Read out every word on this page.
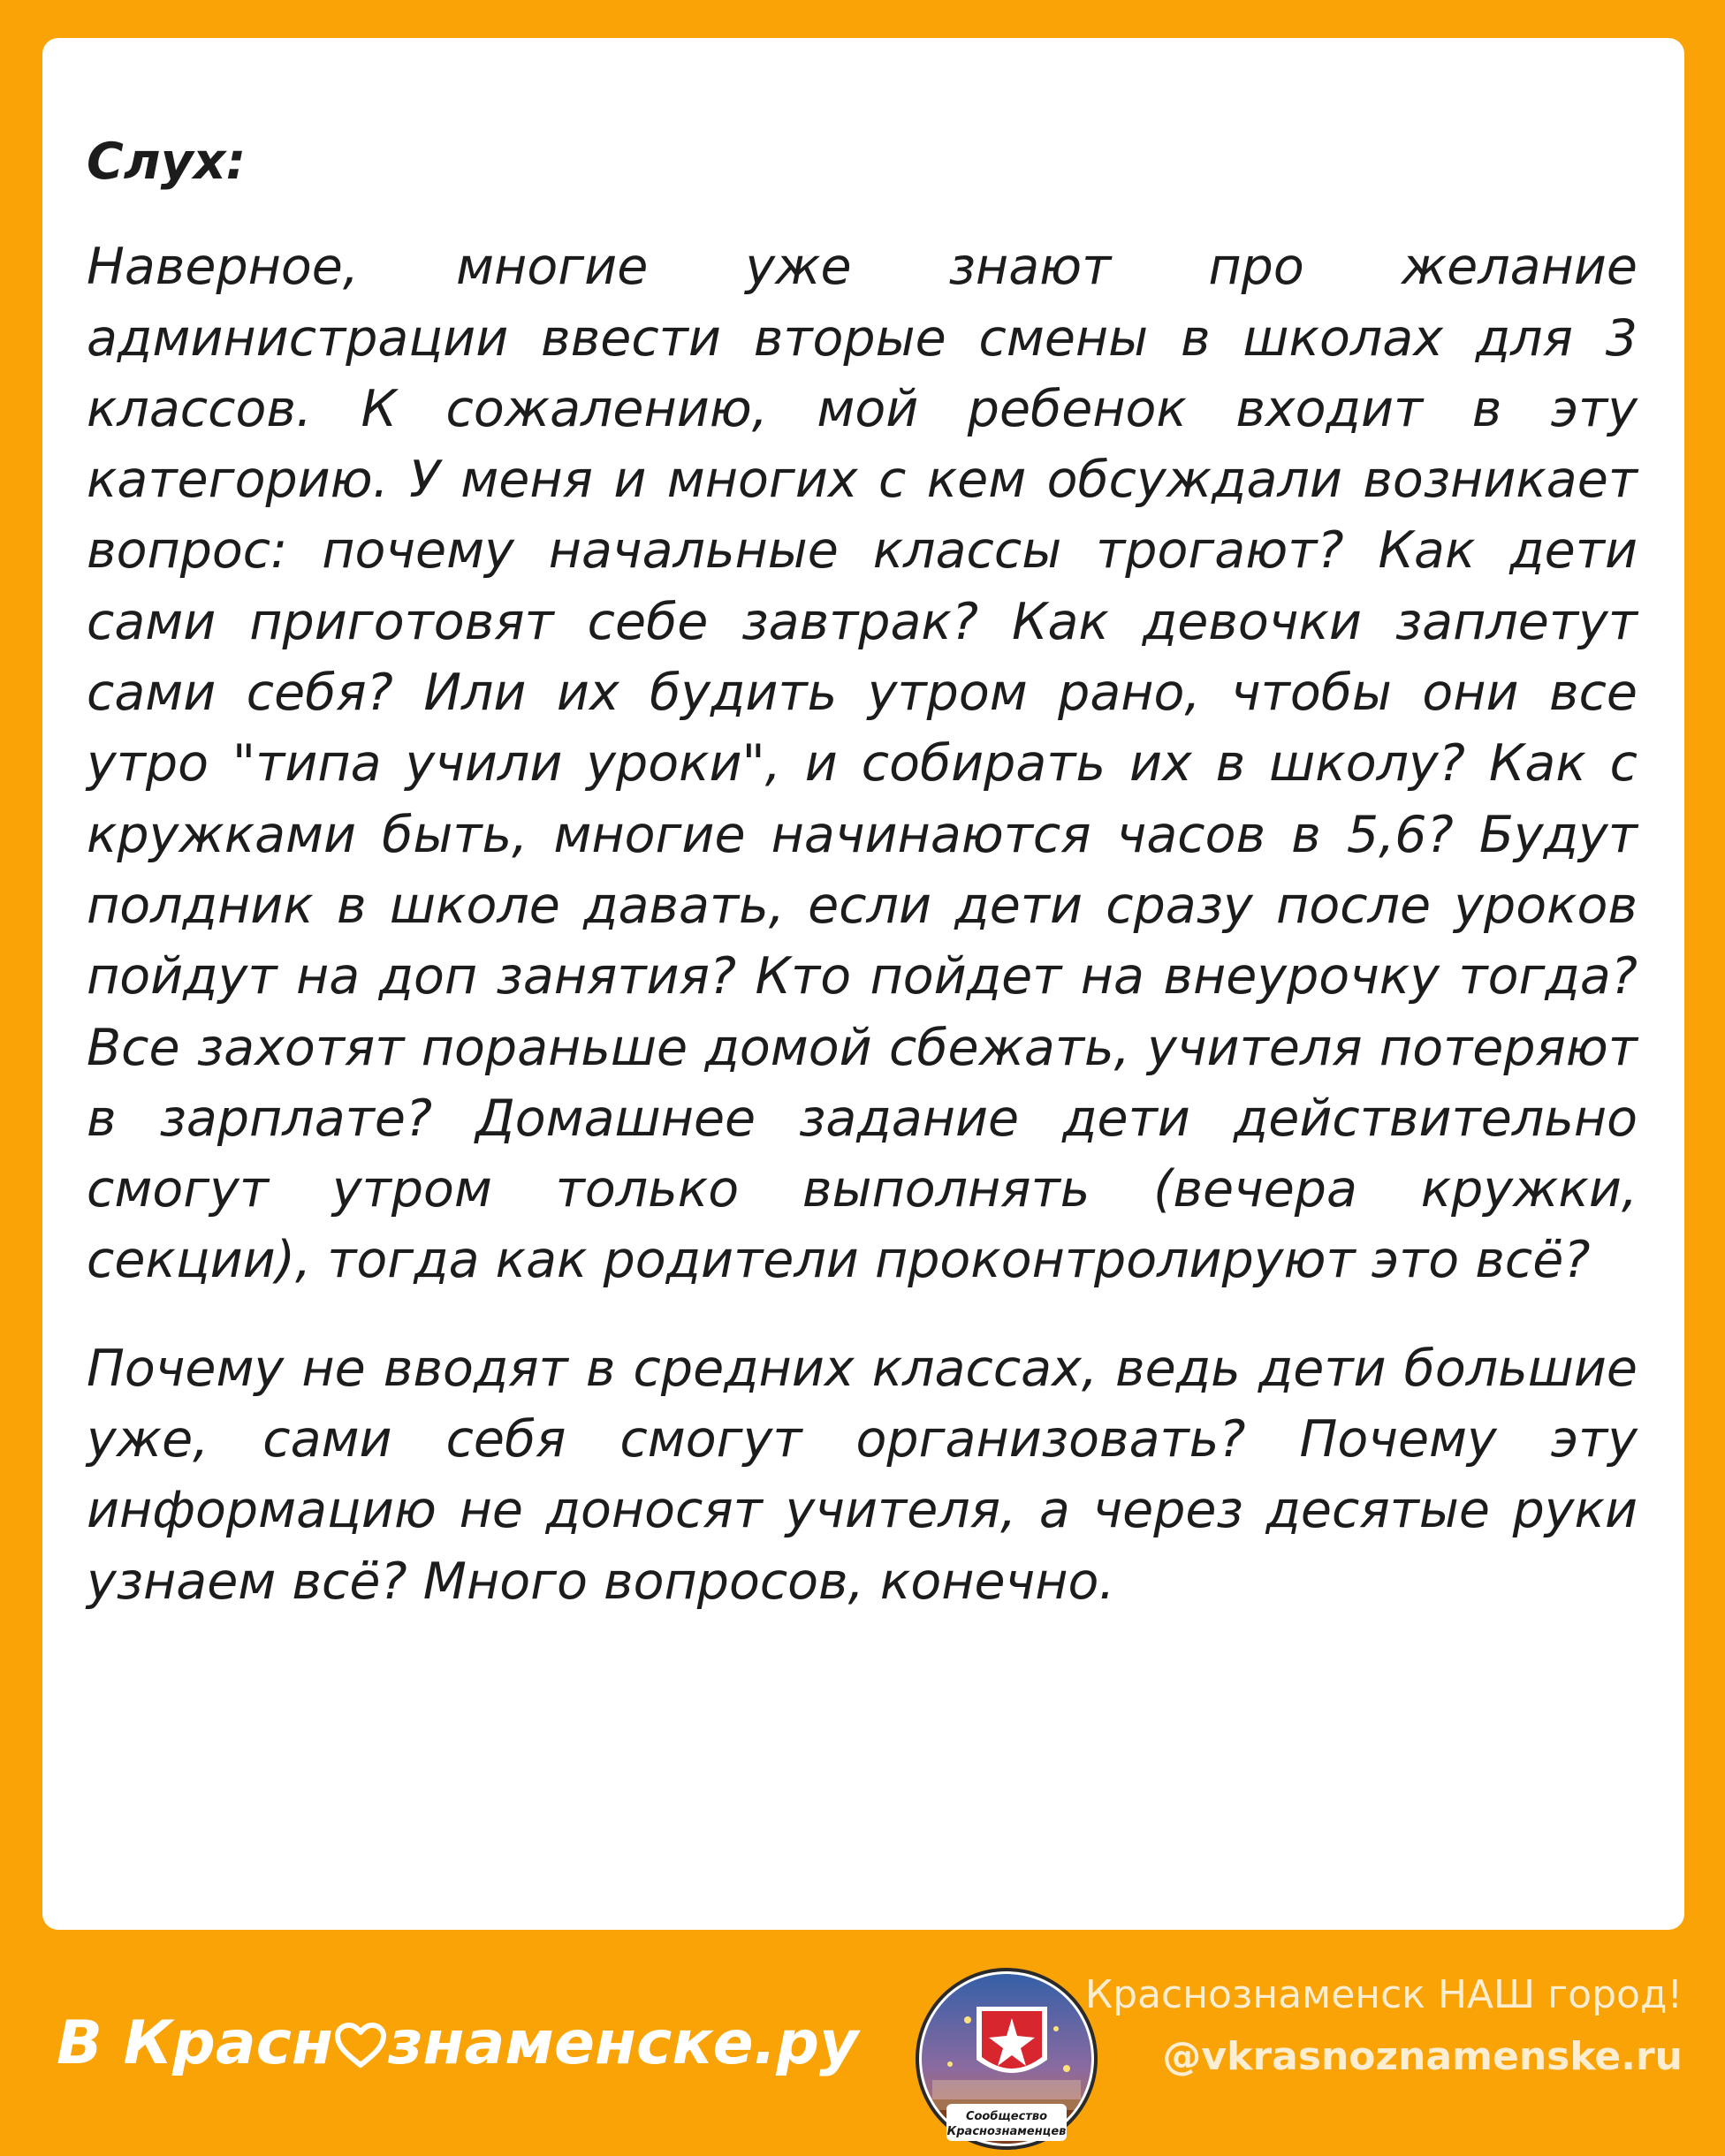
Слух:

Наверное, многие уже знают про желание администрации ввести вторые смены в школах для 3 классов. К сожалению, мой ребенок входит в эту категорию. У меня и многих с кем обсуждали возникает вопрос: почему начальные классы трогают? Как дети сами приготовят себе завтрак? Как девочки заплетут сами себя? Или их будить утром рано, чтобы они все утро "типа учили уроки", и собирать их в школу? Как с кружками быть, многие начинаются часов в 5,6? Будут полдник в школе давать, если дети сразу после уроков пойдут на доп занятия? Кто пойдет на внеурочку тогда? Все захотят пораньше домой сбежать, учителя потеряют в зарплате? Домашнее задание дети действительно смогут утром только выполнять (вечера кружки, секции), тогда как родители проконтролируют это всё?

Почему не вводят в средних классах, ведь дети большие уже, сами себя смогут организовать? Почему эту информацию не доносят учителя, а через десятые руки узнаем всё? Много вопросов, конечно.

В Красн знаменске.ру
Сообщество
Краснознаменцев
Краснознаменск НАШ город!
@vkrasnoznamenske.ru
